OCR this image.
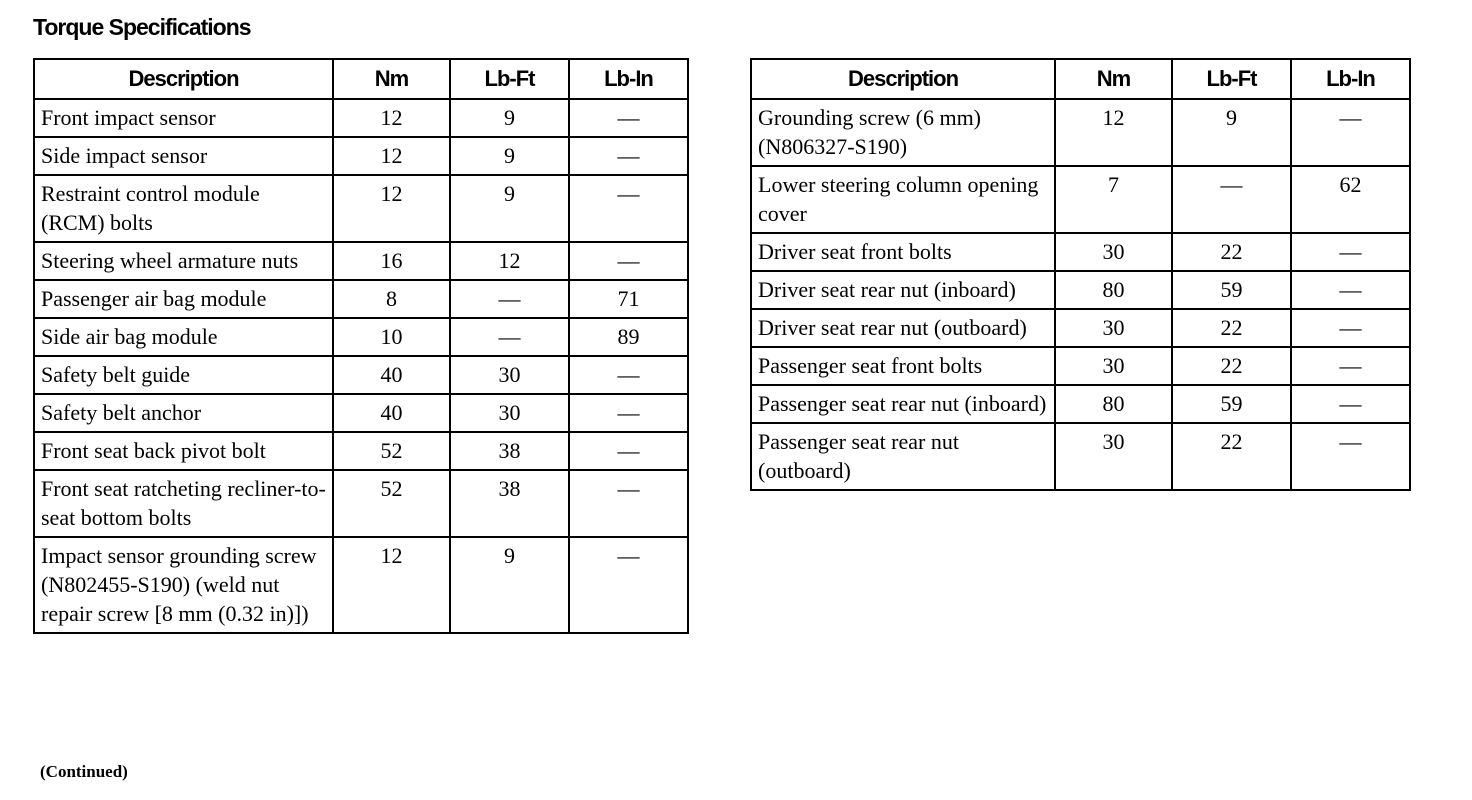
Torque Specifications
Description	Nm	Lb-Ft	Lb-In
Front impact sensor	12	9	—
Side impact sensor	12	9	—
Restraint control module (RCM) bolts	12	9	—
Steering wheel armature nuts	16	12	—
Passenger air bag module	8	—	71
Side air bag module	10	—	89
Safety belt guide	40	30	—
Safety belt anchor	40	30	—
Front seat back pivot bolt	52	38	—
Front seat ratcheting recliner-to-seat bottom bolts	52	38	—
Impact sensor grounding screw (N802455-S190) (weld nut repair screw [8 mm (0.32 in)])	12	9	—
Description	Nm	Lb-Ft	Lb-In
Grounding screw (6 mm) (N806327-S190)	12	9	—
Lower steering column opening cover	7	—	62
Driver seat front bolts	30	22	—
Driver seat rear nut (inboard)	80	59	—
Driver seat rear nut (outboard)	30	22	—
Passenger seat front bolts	30	22	—
Passenger seat rear nut (inboard)	80	59	—
Passenger seat rear nut (outboard)	30	22	—
(Continued)
